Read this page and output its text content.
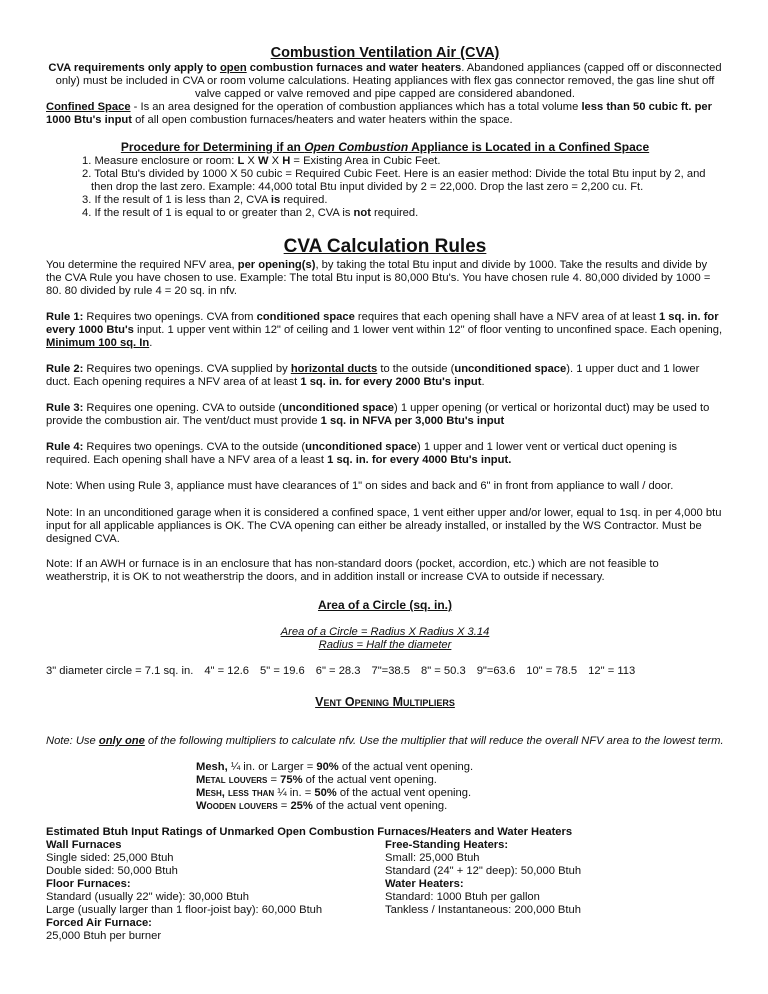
Combustion Ventilation Air (CVA)

CVA requirements only apply to open combustion furnaces and water heaters. Abandoned appliances (capped off or disconnected only) must be included in CVA or room volume calculations. Heating appliances with flex gas connector removed, the gas line shut off valve capped or valve removed and pipe capped are considered abandoned.

Confined Space - Is an area designed for the operation of combustion appliances which has a total volume less than 50 cubic ft. per 1000 Btu's input of all open combustion furnaces/heaters and water heaters within the space.

Procedure for Determining if an Open Combustion Appliance is Located in a Confined Space
1. Measure enclosure or room: L X W X H = Existing Area in Cubic Feet.
2. Total Btu's divided by 1000 X 50 cubic = Required Cubic Feet. Here is an easier method: Divide the total Btu input by 2, and then drop the last zero. Example: 44,000 total Btu input divided by 2 = 22,000. Drop the last zero = 2,200 cu. Ft.
3. If the result of 1 is less than 2, CVA is required.
4. If the result of 1 is equal to or greater than 2, CVA is not required.
CVA Calculation Rules

You determine the required NFV area, per opening(s), by taking the total Btu input and divide by 1000. Take the results and divide by the CVA Rule you have chosen to use. Example: The total Btu input is 80,000 Btu's. You have chosen rule 4. 80,000 divided by 1000 = 80. 80 divided by rule 4 = 20 sq. in nfv.

Rule 1: Requires two openings. CVA from conditioned space requires that each opening shall have a NFV area of at least 1 sq. in. for every 1000 Btu's input. 1 upper vent within 12" of ceiling and 1 lower vent within 12" of floor venting to unconfined space. Each opening, Minimum 100 sq. In.

Rule 2: Requires two openings. CVA supplied by horizontal ducts to the outside (unconditioned space). 1 upper duct and 1 lower duct. Each opening requires a NFV area of at least 1 sq. in. for every 2000 Btu's input.

Rule 3: Requires one opening. CVA to outside (unconditioned space) 1 upper opening (or vertical or horizontal duct) may be used to provide the combustion air. The vent/duct must provide 1 sq. in NFVA per 3,000 Btu's input

Rule 4: Requires two openings. CVA to the outside (unconditioned space) 1 upper and 1 lower vent or vertical duct opening is required. Each opening shall have a NFV area of a least 1 sq. in. for every 4000 Btu's input.

Note: When using Rule 3, appliance must have clearances of 1" on sides and back and 6" in front from appliance to wall / door.

Note: In an unconditioned garage when it is considered a confined space, 1 vent either upper and/or lower, equal to 1sq. in per 4,000 btu input for all applicable appliances is OK. The CVA opening can either be already installed, or installed by the WS Contractor. Must be designed CVA.

Note: If an AWH or furnace is in an enclosure that has non-standard doors (pocket, accordion, etc.) which are not feasible to weatherstrip, it is OK to not weatherstrip the doors, and in addition install or increase CVA to outside if necessary.

Area of a Circle (sq. in.)

Area of a Circle = Radius X Radius X 3.14

Radius = Half the diameter

3" diameter circle = 7.1 sq. in. 4" = 12.6 5" = 19.6 6" = 28.3 7"=38.5 8" = 50.3 9"=63.6 10" = 78.5 12" = 113

Vent Opening Multipliers

Note: Use only one of the following multipliers to calculate nfv. Use the multiplier that will reduce the overall NFV area to the lowest term.

Mesh, ¼ in. or Larger = 90% of the actual vent opening.
Metal louvers = 75% of the actual vent opening.
Mesh, less than ¼ in. = 50% of the actual vent opening.
Wooden louvers = 25% of the actual vent opening.

Estimated Btuh Input Ratings of Unmarked Open Combustion Furnaces/Heaters and Water Heaters

Wall Furnaces
Single sided: 25,000 Btuh
Double sided: 50,000 Btuh
Floor Furnaces:
Standard (usually 22" wide): 30,000 Btuh
Large (usually larger than 1 floor-joist bay): 60,000 Btuh
Forced Air Furnace:
25,000 Btuh per burner
Free-Standing Heaters:
Small: 25,000 Btuh
Standard (24" + 12" deep): 50,000 Btuh
Water Heaters:
Standard: 1000 Btuh per gallon
Tankless / Instantaneous: 200,000 Btuh
